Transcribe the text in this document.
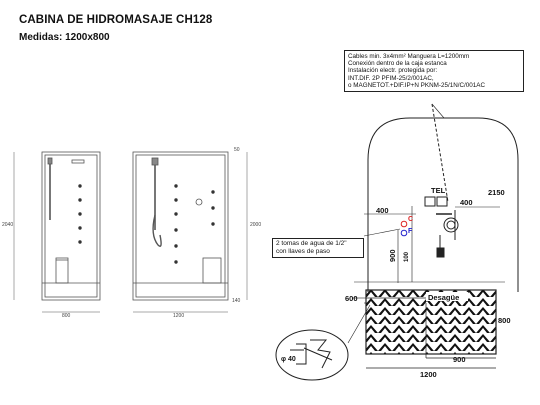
CABINA DE HIDROMASAJE CH128
Medidas: 1200x800
800	1200
2040	2000
50
140
Cables min. 3x4mm² Manguera L=1200mm
Conexión dentro de la caja estanca
Instalación electr. protegida por:
INT.DIF. 2P PFIM-25/2/001AC,
o MAGNETOT.+DIF.IP+N PKNM-25/1N/C/001AC
TEL	2150
400
400
900 100
C
F
600
800
Desagüe
900
1200
φ 40
2 tomas de agua de 1/2"
con llaves de paso
